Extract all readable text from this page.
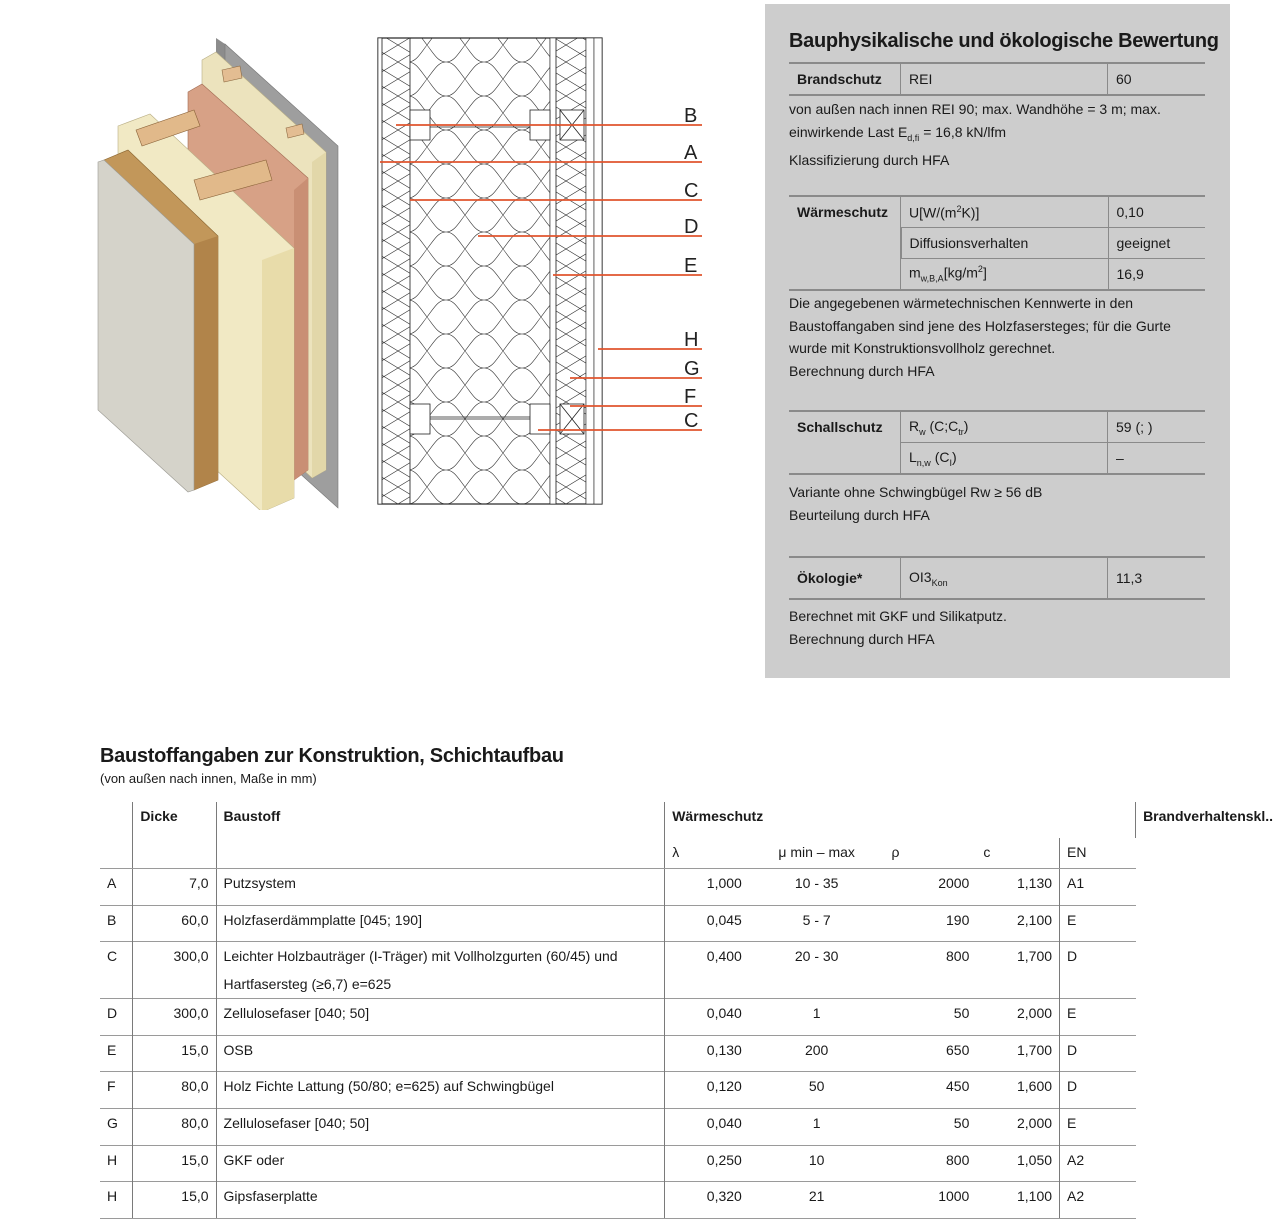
B
A
C
D
E
H
G
F
C
Bauphysikalische und ökologische Bewertung
Brandschutz	REI	60
von außen nach innen REI 90; max. Wandhöhe = 3 m; max.
einwirkende Last $E_{d,fi} = 16,8$ kN/lfm
Klassifizierung durch HFA
Wärmeschutz	$U[W/(m^2K)]$	0,10
	Diffusionsverhalten	geeignet
	$m_{w,B,A}[kg/m^2]$	16,9
Die angegebenen wärmetechnischen Kennwerte in den
Baustoffangaben sind jene des Holzfasersteges; für die Gurte
wurde mit Konstruktionsvollholz gerechnet.
Berechnung durch HFA
Schallschutz	$R_w$ $(C;C_{tr})$	59 (; )
	$L_{n,w}$ $(C_I)$	–
Variante ohne Schwingbügel Rw ≥ 56 dB
Beurteilung durch HFA
Ökologie*	$OI3_{Kon}$	11,3
Berechnet mit GKF und Silikatputz.
Berechnung durch HFA
Baustoffangaben zur Konstruktion, Schichtaufbau
(von außen nach innen, Maße in mm)
	Dicke	Baustoff	Wärmeschutz					Brandverhaltenskl..
			λ	μ min – max	ρ	c	EN	
A	7,0	Putzsystem	1,000	10 - 35	2000	1,130	A1	
B	60,0	Holzfaserdämmplatte [045; 190]	0,045	5 - 7	190	2,100	E	
C	300,0	Leichter Holzbauträger (I-Träger) mit Vollholzgurten (60/45) und
Hartfasersteg (≥6,7) e=625	0,400	20 - 30	800	1,700	D	
D	300,0	Zellulosefaser [040; 50]	0,040	1	50	2,000	E	
E	15,0	OSB	0,130	200	650	1,700	D	
F	80,0	Holz Fichte Lattung (50/80; e=625) auf Schwingbügel	0,120	50	450	1,600	D	
G	80,0	Zellulosefaser [040; 50]	0,040	1	50	2,000	E	
H	15,0	GKF oder	0,250	10	800	1,050	A2	
H	15,0	Gipsfaserplatte	0,320	21	1000	1,100	A2	
